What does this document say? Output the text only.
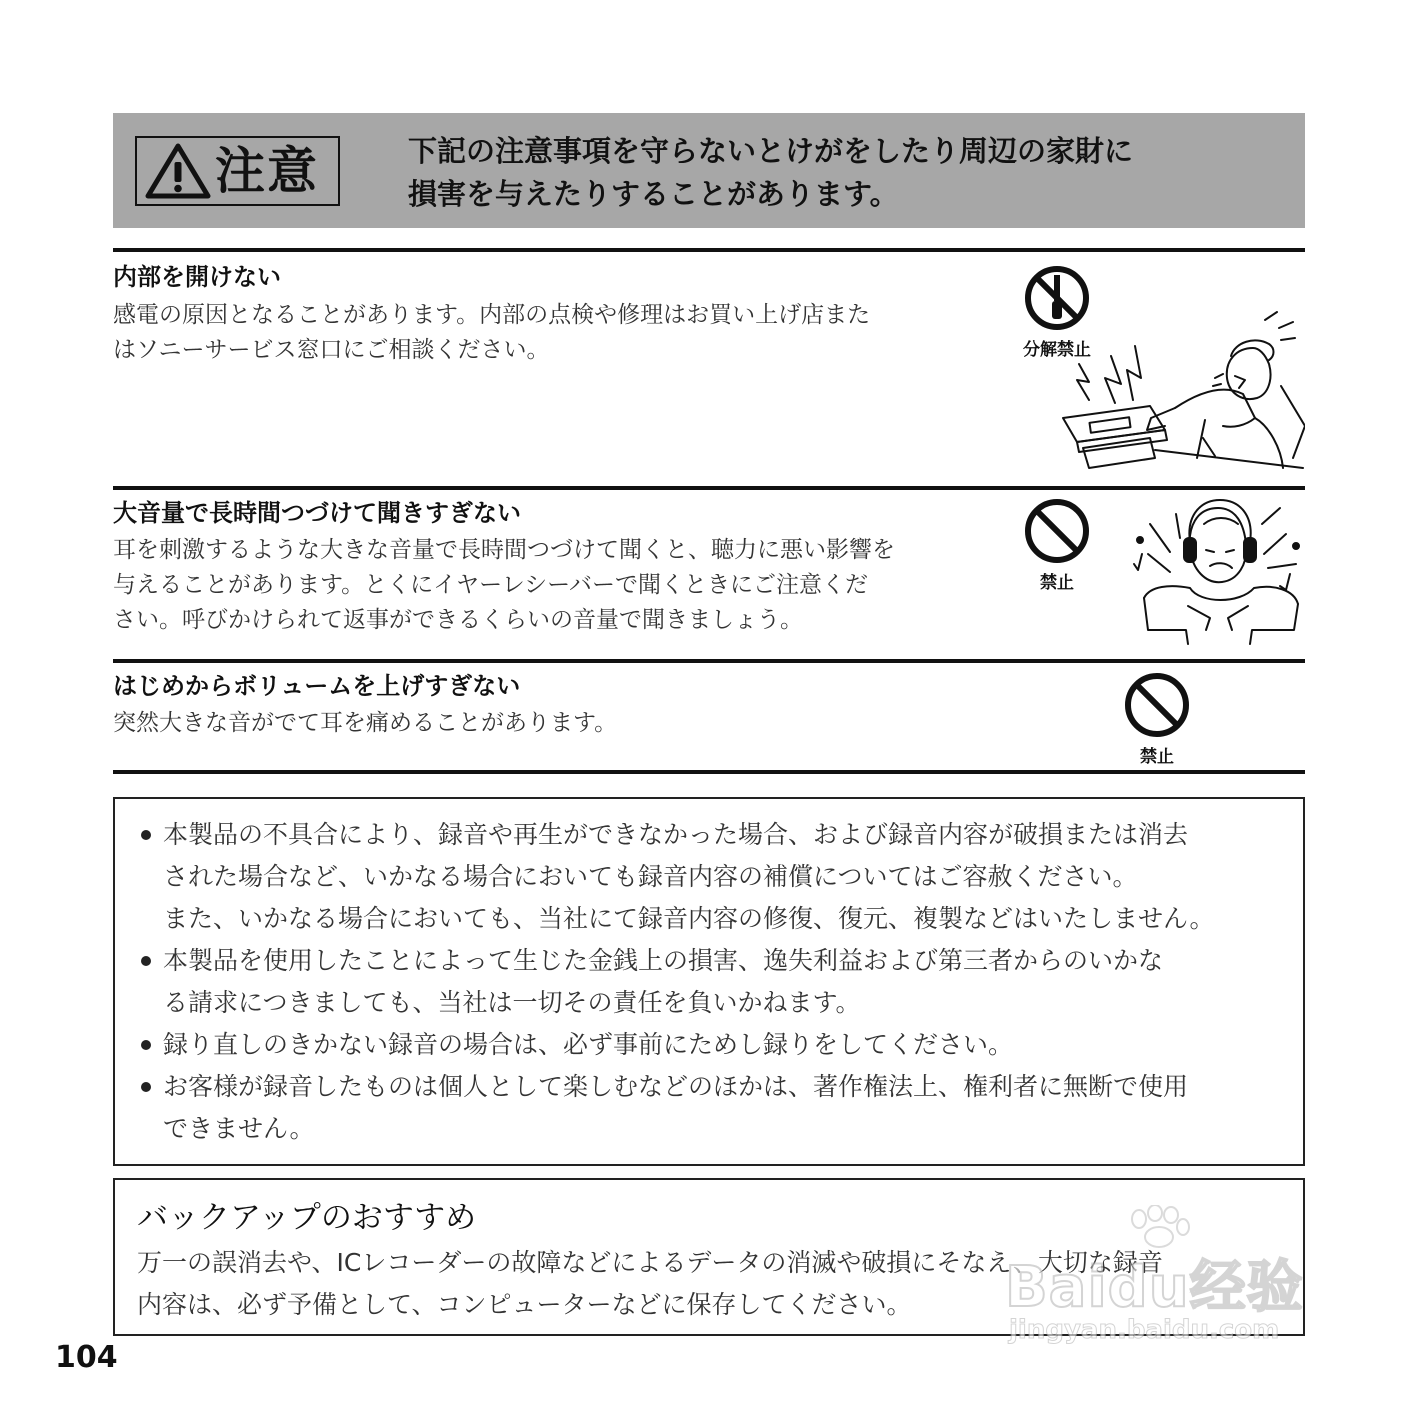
注意	下記の注意事項を守らないとけがをしたり周辺の家財に
損害を与えたりすることがあります。
内部を開けない
感電の原因となることがあります。内部の点検や修理はお買い上げ店また
はソニーサービス窓口にご相談ください。	分解禁止
大音量で長時間つづけて聞きすぎない
耳を刺激するような大きな音量で長時間つづけて聞くと、聴力に悪い影響を
与えることがあります。とくにイヤーレシーバーで聞くときにご注意くだ
さい。呼びかけられて返事ができるくらいの音量で聞きましょう。
禁止
はじめからボリュームを上げすぎない
突然大きな音がでて耳を痛めることがあります。
禁止
本製品の不具合により、録音や再生ができなかった場合、および録音内容が破損または消去
された場合など、いかなる場合においても録音内容の補償についてはご容赦ください。
また、いかなる場合においても、当社にて録音内容の修復、復元、複製などはいたしません。
本製品を使用したことによって生じた金銭上の損害、逸失利益および第三者からのいかな
る請求につきましても、当社は一切その責任を負いかねます。
録り直しのきかない録音の場合は、必ず事前にためし録りをしてください。
お客様が録音したものは個人として楽しむなどのほかは、著作権法上、権利者に無断で使用
できません。
バックアップのおすすめ
万一の誤消去や、ICレコーダーの故障などによるデータの消滅や破損にそなえ、大切な録音
内容は、必ず予備として、コンピューターなどに保存してください。	Baidu经验
jingyan.baidu.com
104
